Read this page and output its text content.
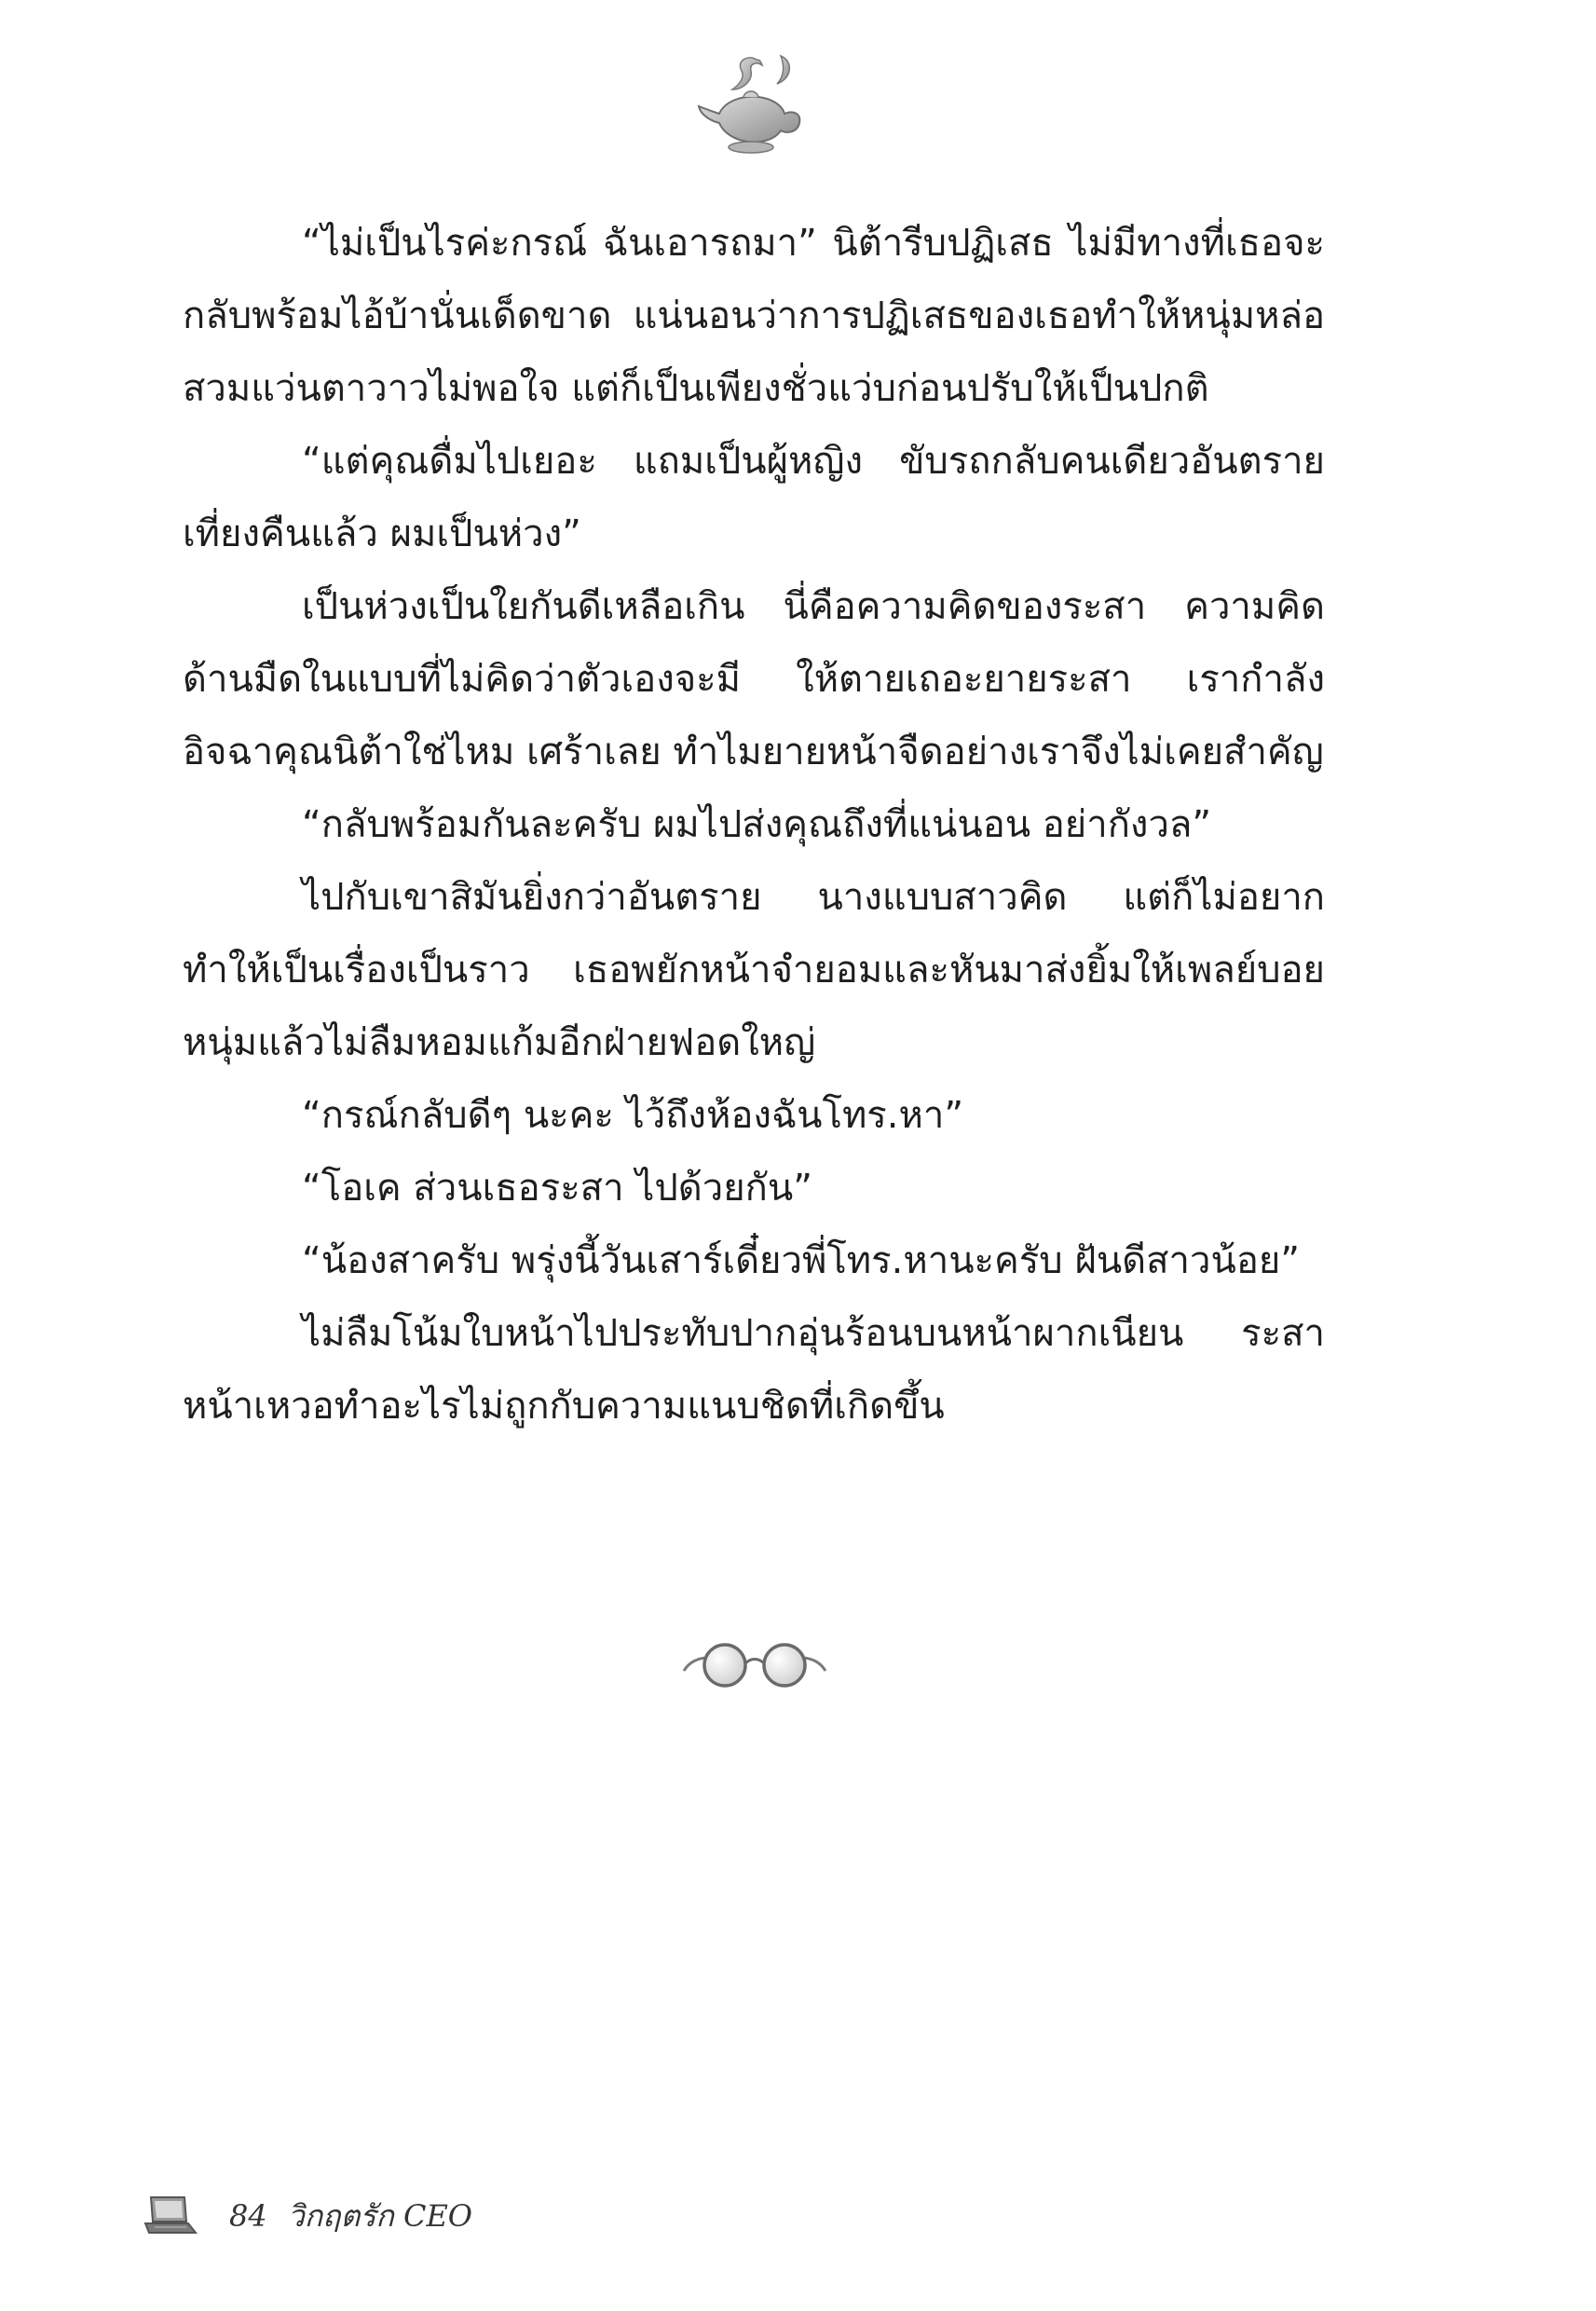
“ไม่เป็นไรค่ะกรณ์ ฉันเอารถมา” นิต้ารีบปฏิเสธ ไม่มีทางที่เธอจะกลับพร้อมไอ้บ้านั่นเด็ดขาด แน่นอนว่าการปฏิเสธของเธอทำให้หนุ่มหล่อสวมแว่นตาวาวไม่พอใจ แต่ก็เป็นเพียงชั่วแว่บก่อนปรับให้เป็นปกติ

“แต่คุณดื่มไปเยอะ แถมเป็นผู้หญิง ขับรถกลับคนเดียวอันตรายเที่ยงคืนแล้ว ผมเป็นห่วง”

เป็นห่วงเป็นใยกันดีเหลือเกิน นี่คือความคิดของระสา ความคิดด้านมืดในแบบที่ไม่คิดว่าตัวเองจะมี ให้ตายเถอะยายระสา เรากำลังอิจฉาคุณนิต้าใช่ไหม เศร้าเลย ทำไมยายหน้าจืดอย่างเราจึงไม่เคยสำคัญ

“กลับพร้อมกันละครับ ผมไปส่งคุณถึงที่แน่นอน อย่ากังวล”

ไปกับเขาสิมันยิ่งกว่าอันตราย นางแบบสาวคิด แต่ก็ไม่อยากทำให้เป็นเรื่องเป็นราว เธอพยักหน้าจำยอมและหันมาส่งยิ้มให้เพลย์บอยหนุ่มแล้วไม่ลืมหอมแก้มอีกฝ่ายฟอดใหญ่

“กรณ์กลับดีๆ นะคะ ไว้ถึงห้องฉันโทร.หา”

“โอเค ส่วนเธอระสา ไปด้วยกัน”

“น้องสาครับ พรุ่งนี้วันเสาร์เดี๋ยวพี่โทร.หานะครับ ฝันดีสาวน้อย”

ไม่ลืมโน้มใบหน้าไปประทับปากอุ่นร้อนบนหน้าผากเนียน ระสาหน้าเหวอทำอะไรไม่ถูกกับความแนบชิดที่เกิดขึ้น

84 วิกฤตรัก CEO
